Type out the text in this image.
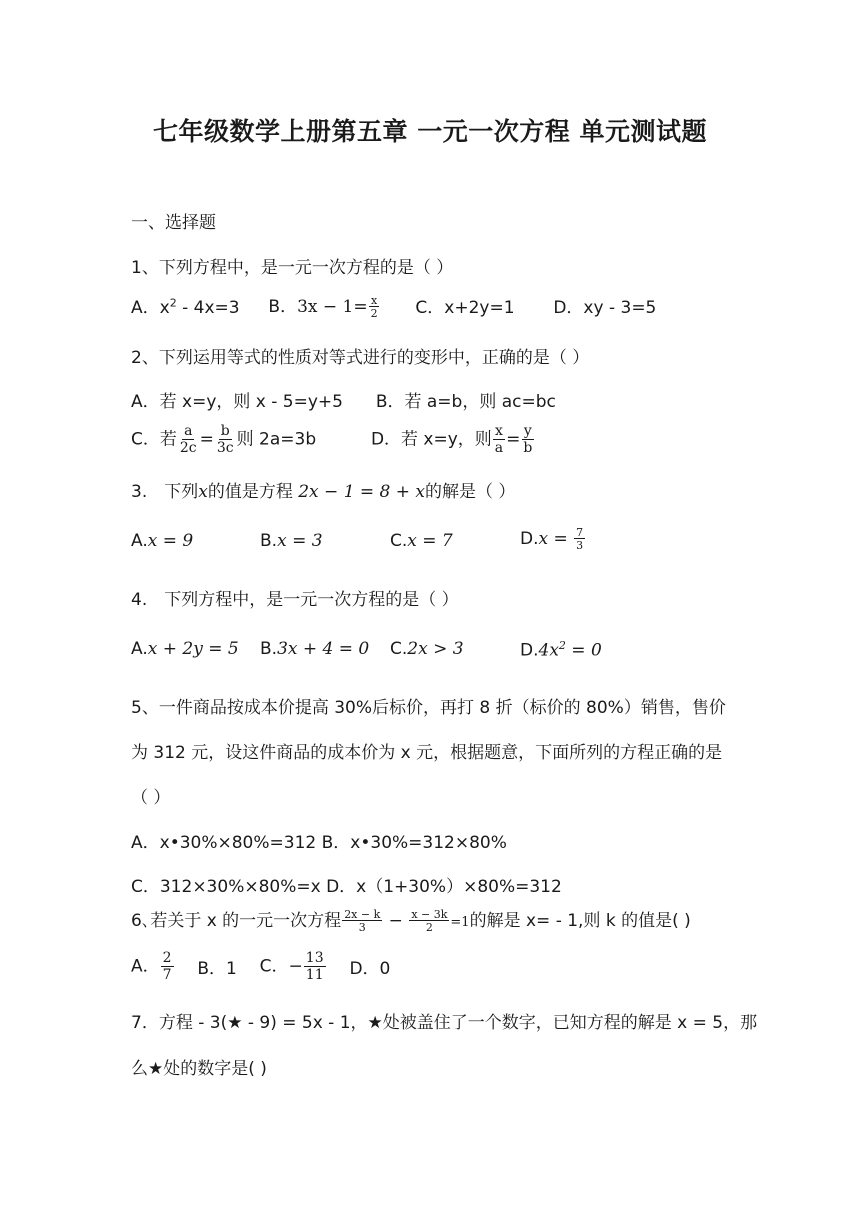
七年级数学上册第五章 一元一次方程 单元测试题
一、选择题
1、下列方程中，是一元一次方程的是（ ）
A．$x^2 - 4x=3$ B．$3x - 1= \frac{x}{2}$ C．x+2y=1 D．xy - 3=5
2、下列运用等式的性质对等式进行的变形中，正确的是（ ）
A．若 x=y，则 x - 5=y+5 B．若 a=b，则 ac=bc
C．若 $\frac{a}{2c} = \frac{b}{3c}$ 则 2a=3b	D．若 x=y，则 $\frac{x}{a} = \frac{y}{b}$
3.　下列x的值是方程 2x − 1 = 8 + x的解是（ ）
A.x = 9	B.x = 3	C.x = 7	$D.x = \frac{7}{3}$
4.　下列方程中，是一元一次方程的是（ ）
A.x + 2y = 5 B.3x + 4 = 0 C.2x > 3	$D.4x^2 = 0$
5、一件商品按成本价提高 30%后标价，再打 8 折（标价的 80%）销售，售价
为 312 元，设这件商品的成本价为 x 元，根据题意，下面所列的方程正确的是
（ ）
A．x•30%×80%=312 B．x•30%=312×80%
C．312×30%×80%=x D．x（1+30%）×80%=312
6､若关于 x 的一元一次方程 $\frac{2x - k}{3} - \frac{x - 3k}{2} =1$的解是 x= - 1,则 k 的值是( )
A． $\frac{2}{7}$ B．1 C．− $\frac{13}{11}$ D．0
7．方程 - 3(★ - 9) = 5x - 1，★处被盖住了一个数字，已知方程的解是 x = 5，那
么★处的数字是( )
